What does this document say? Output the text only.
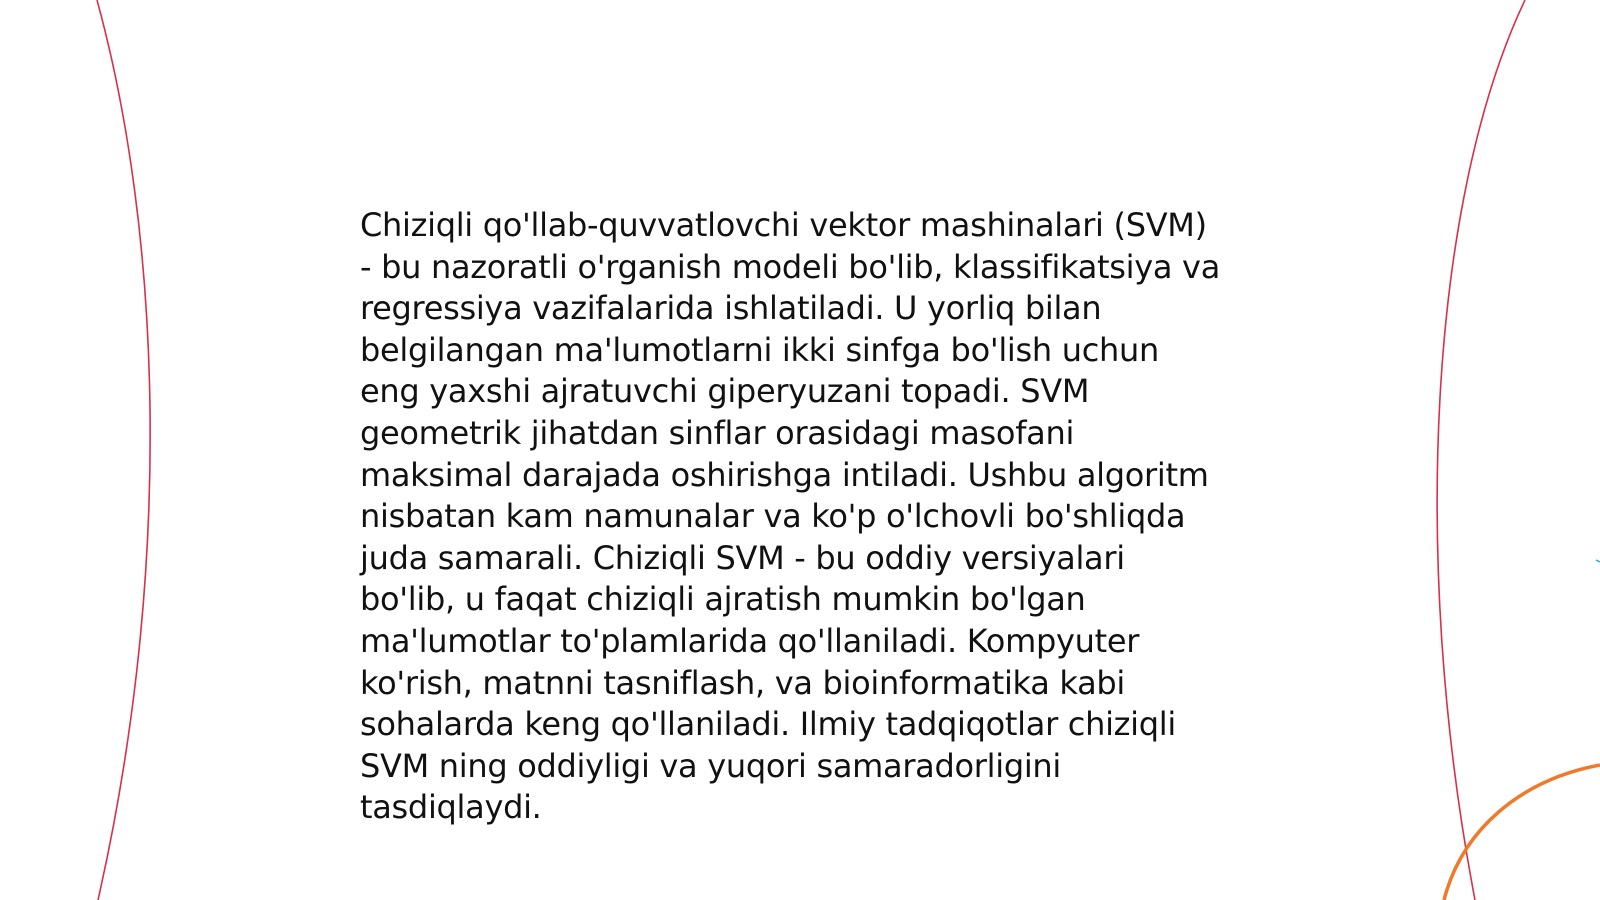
Chiziqli qo'llab-quvvatlovchi vektor mashinalari (SVM)
- bu nazoratli o'rganish modeli bo'lib, klassifikatsiya va
regressiya vazifalarida ishlatiladi. U yorliq bilan
belgilangan ma'lumotlarni ikki sinfga bo'lish uchun
eng yaxshi ajratuvchi giperyuzani topadi. SVM
geometrik jihatdan sinflar orasidagi masofani
maksimal darajada oshirishga intiladi. Ushbu algoritm
nisbatan kam namunalar va ko'p o'lchovli bo'shliqda
juda samarali. Chiziqli SVM - bu oddiy versiyalari
bo'lib, u faqat chiziqli ajratish mumkin bo'lgan
ma'lumotlar to'plamlarida qo'llaniladi. Kompyuter
ko'rish, matnni tasniflash, va bioinformatika kabi
sohalarda keng qo'llaniladi. Ilmiy tadqiqotlar chiziqli
SVM ning oddiyligi va yuqori samaradorligini
tasdiqlaydi.
